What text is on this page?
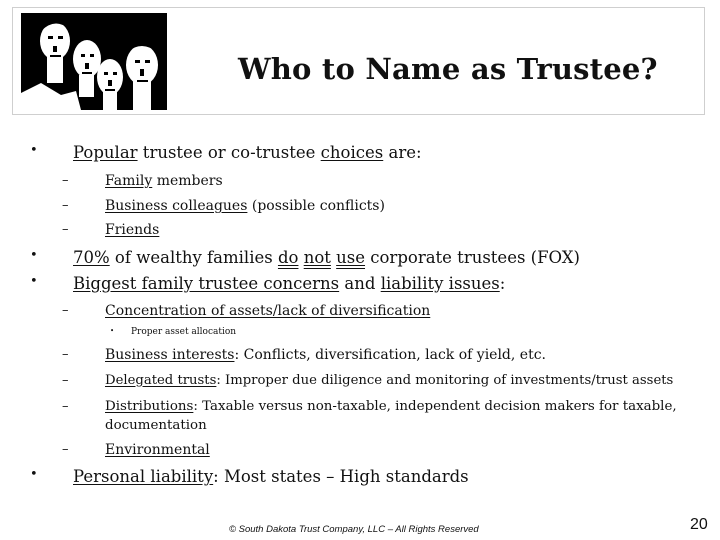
Who to Name as Trustee?
• Popular trustee or co-trustee choices are:
–	Family members
–	Business colleagues (possible conflicts)
–	Friends
• 70% of wealthy families do not use corporate trustees (FOX)
• Biggest family trustee concerns and liability issues:
–	Concentration of assets/lack of diversification
• Proper asset allocation
–	Business interests: Conflicts, diversification, lack of yield, etc.
–	Delegated trusts: Improper due diligence and monitoring of investments/trust assets
–	Distributions: Taxable versus non-taxable, independent decision makers for taxable,
documentation
–	Environmental
• Personal liability: Most states – High standards
© South Dakota Trust Company, LLC – All Rights Reserved	20
